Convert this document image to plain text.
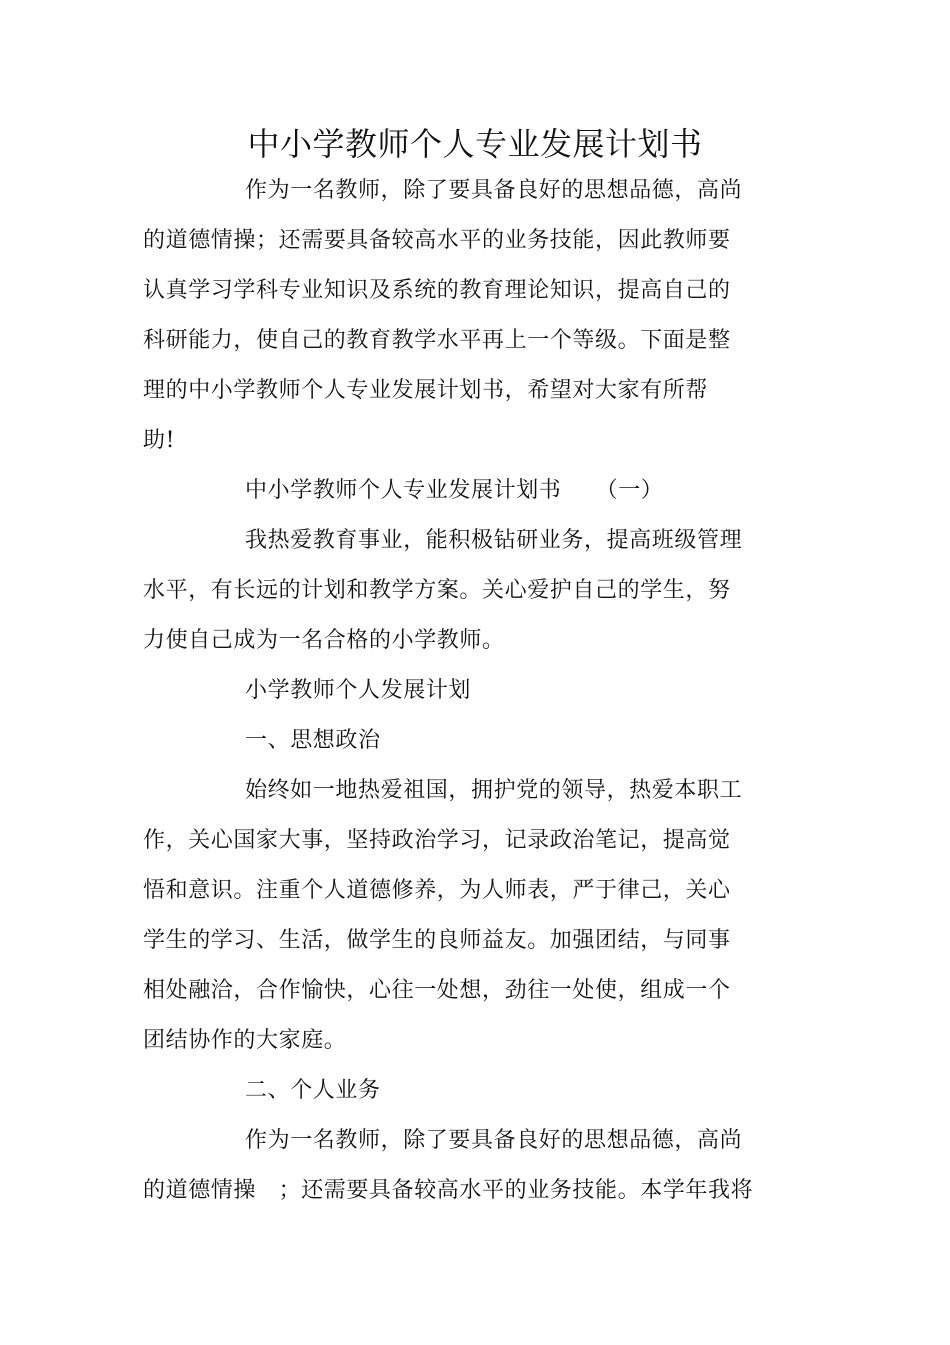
中小学教师个人专业发展计划书
作为一名教师，除了要具备良好的思想品德，高尚
的道德情操；还需要具备较高水平的业务技能，因此教师要
认真学习学科专业知识及系统的教育理论知识，提高自己的
科研能力，使自己的教育教学水平再上一个等级。下面是整
理的中小学教师个人专业发展计划书，希望对大家有所帮
助!
中小学教师个人专业发展计划书　　（一）
我热爱教育事业，能积极钻研业务，提高班级管理
水平，有长远的计划和教学方案。关心爱护自己的学生，努
力使自己成为一名合格的小学教师。
小学教师个人发展计划
一、思想政治
始终如一地热爱祖国，拥护党的领导，热爱本职工
作，关心国家大事，坚持政治学习，记录政治笔记，提高觉
悟和意识。注重个人道德修养，为人师表，严于律己，关心
学生的学习、生活，做学生的良师益友。加强团结，与同事
相处融洽，合作愉快，心往一处想，劲往一处使，组成一个
团结协作的大家庭。
二、个人业务
作为一名教师，除了要具备良好的思想品德，高尚
的道德情操　；还需要具备较高水平的业务技能。本学年我将
